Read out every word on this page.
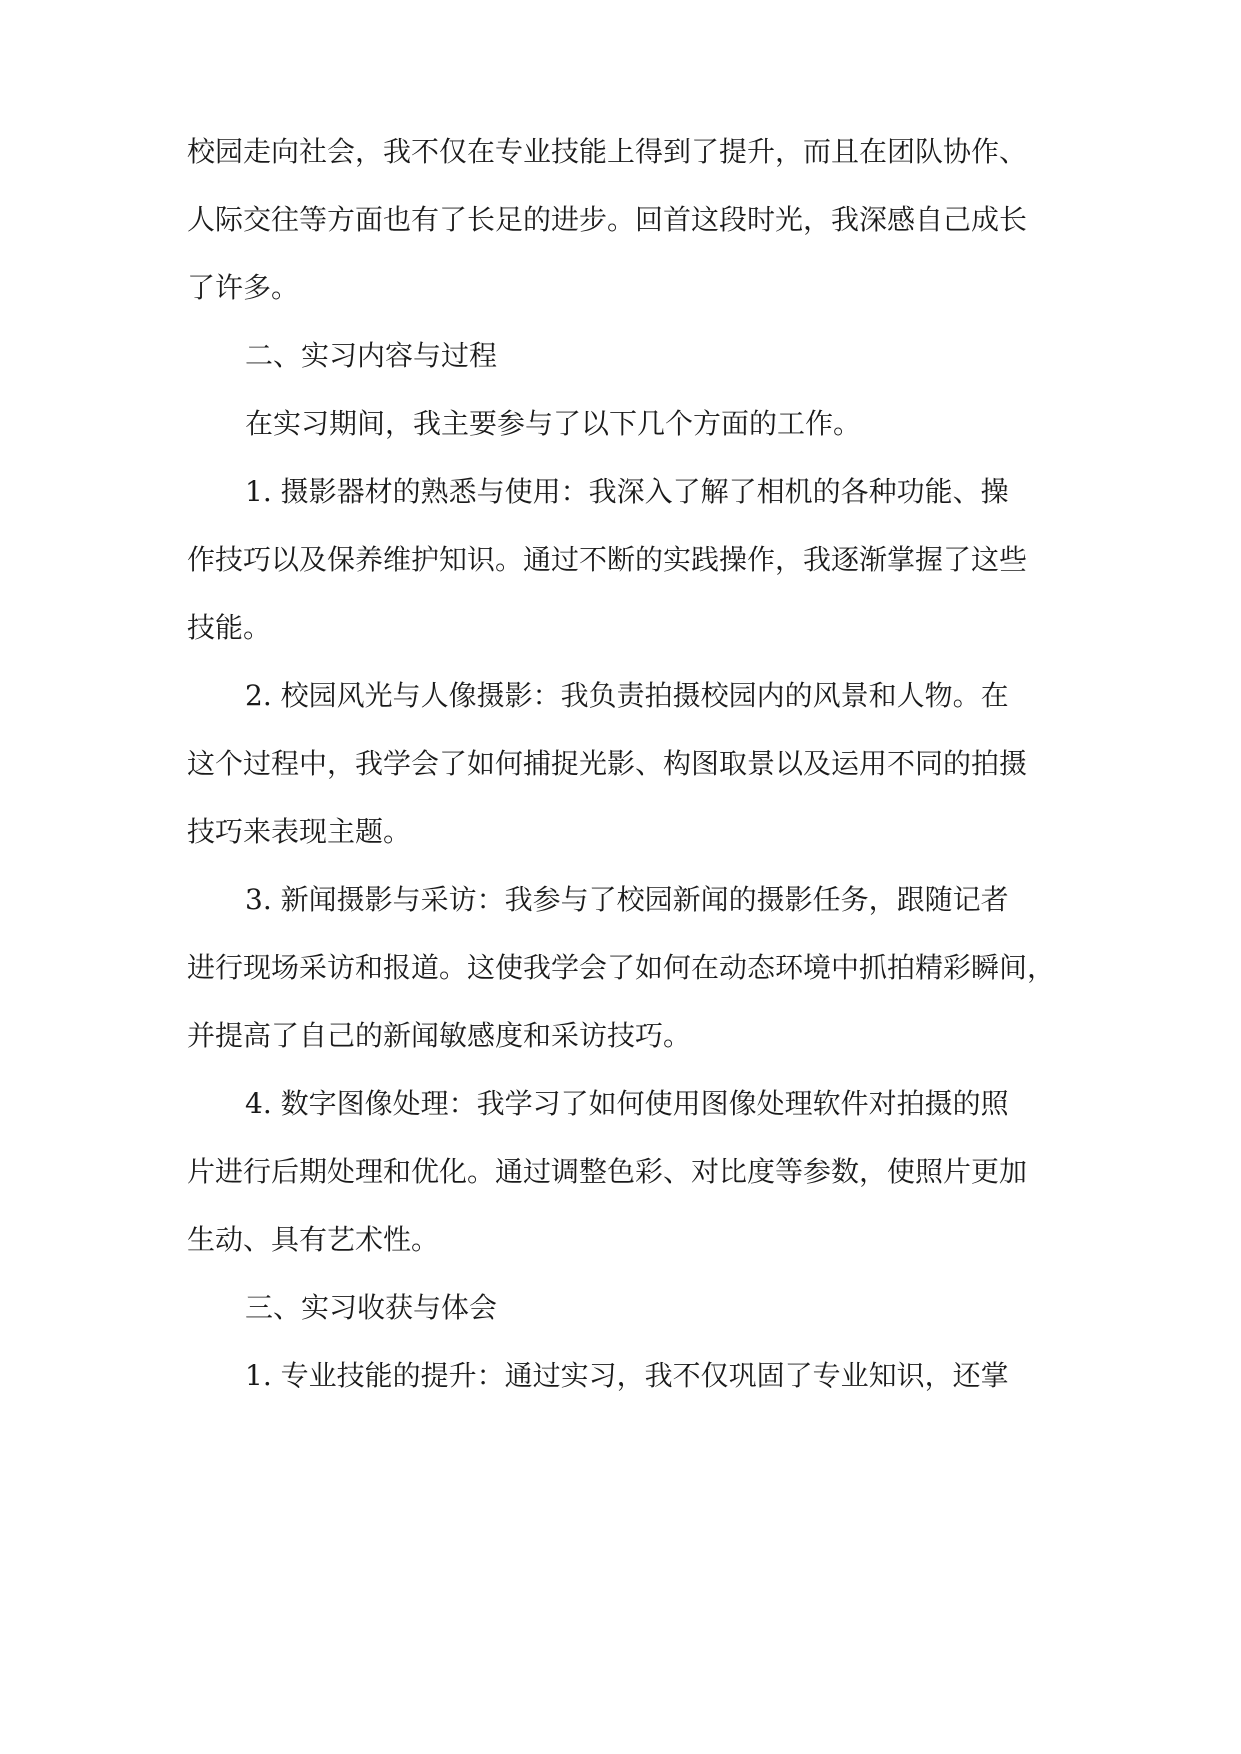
校园走向社会，我不仅在专业技能上得到了提升，而且在团队协作、
人际交往等方面也有了长足的进步。回首这段时光，我深感自己成长
了许多。
二、实习内容与过程
在实习期间，我主要参与了以下几个方面的工作。
1. 摄影器材的熟悉与使用：我深入了解了相机的各种功能、操
作技巧以及保养维护知识。通过不断的实践操作，我逐渐掌握了这些
技能。
2. 校园风光与人像摄影：我负责拍摄校园内的风景和人物。在
这个过程中，我学会了如何捕捉光影、构图取景以及运用不同的拍摄
技巧来表现主题。
3. 新闻摄影与采访：我参与了校园新闻的摄影任务，跟随记者
进行现场采访和报道。这使我学会了如何在动态环境中抓拍精彩瞬间，
并提高了自己的新闻敏感度和采访技巧。
4. 数字图像处理：我学习了如何使用图像处理软件对拍摄的照
片进行后期处理和优化。通过调整色彩、对比度等参数，使照片更加
生动、具有艺术性。
三、实习收获与体会
1. 专业技能的提升：通过实习，我不仅巩固了专业知识，还掌
